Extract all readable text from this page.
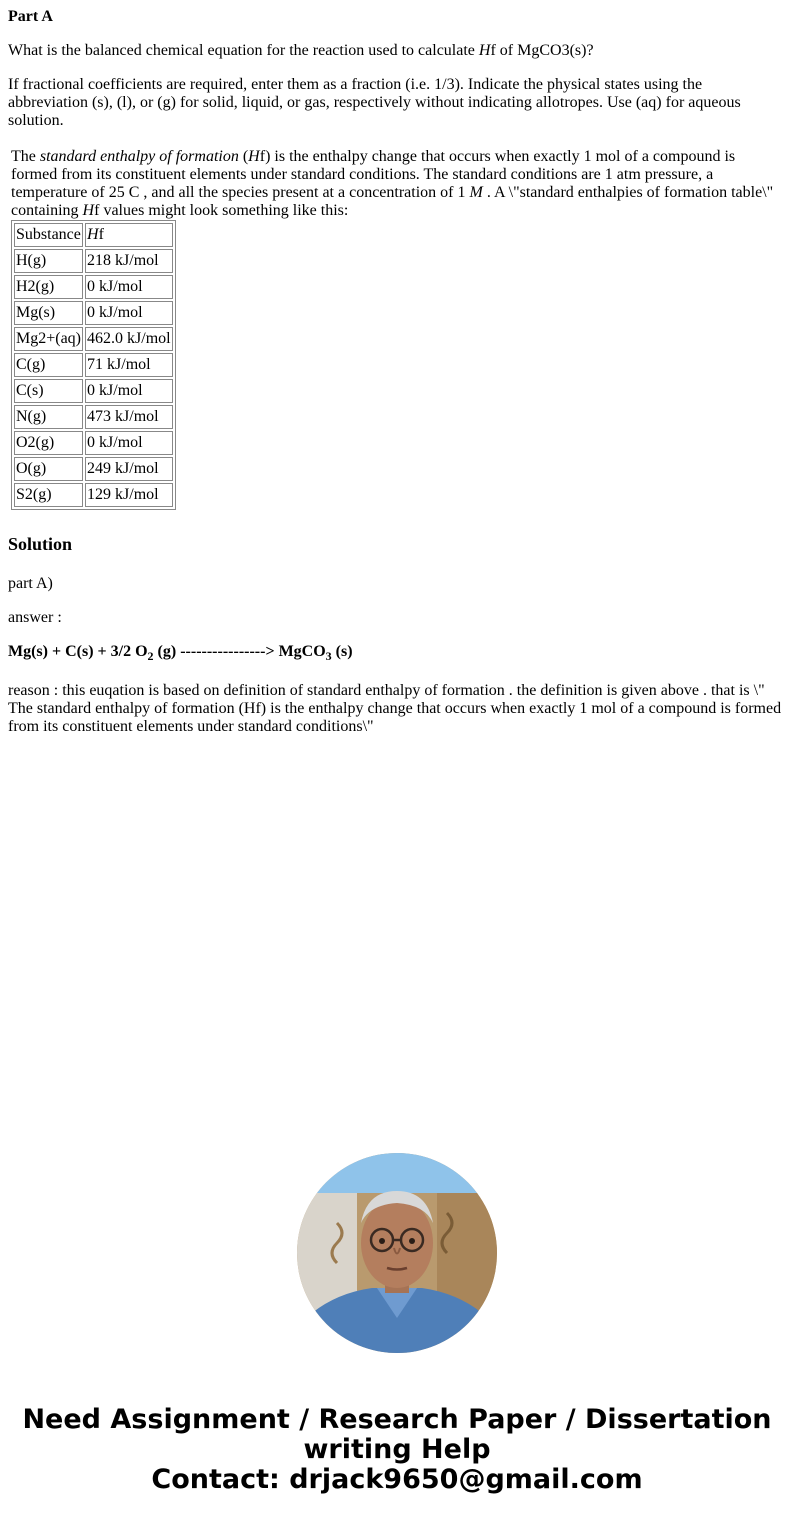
Part A

What is the balanced chemical equation for the reaction used to calculate Hf of MgCO3(s)?

If fractional coefficients are required, enter them as a fraction (i.e. 1/3). Indicate the physical states using the abbreviation (s), (l), or (g) for solid, liquid, or gas, respectively without indicating allotropes. Use (aq) for aqueous solution.

The standard enthalpy of formation (Hf) is the enthalpy change that occurs when exactly 1 mol of a compound is formed from its constituent elements under standard conditions. The standard conditions are 1 atm pressure, a temperature of 25 C , and all the species present at a concentration of 1 M . A \"standard enthalpies of formation table\" containing Hf values might look something like this:
Substance	Hf
H(g)	218 kJ/mol
H2(g)	0 kJ/mol
Mg(s)	0 kJ/mol
Mg2+(aq)	462.0 kJ/mol
C(g)	71 kJ/mol
C(s)	0 kJ/mol
N(g)	473 kJ/mol
O2(g)	0 kJ/mol
O(g)	249 kJ/mol
S2(g)	129 kJ/mol
Solution

part A)

answer :

Mg(s) + C(s) + 3/2 $O_2$ (g) ----------------> MgCO$_3$ (s)

reason : this euqation is based on definition of standard enthalpy of formation . the definition is given above . that is \" The standard enthalpy of formation (Hf) is the enthalpy change that occurs when exactly 1 mol of a compound is formed from its constituent elements under standard conditions\"

Need Assignment / Research Paper / Dissertation writing Help
Contact: drjack9650@gmail.com
